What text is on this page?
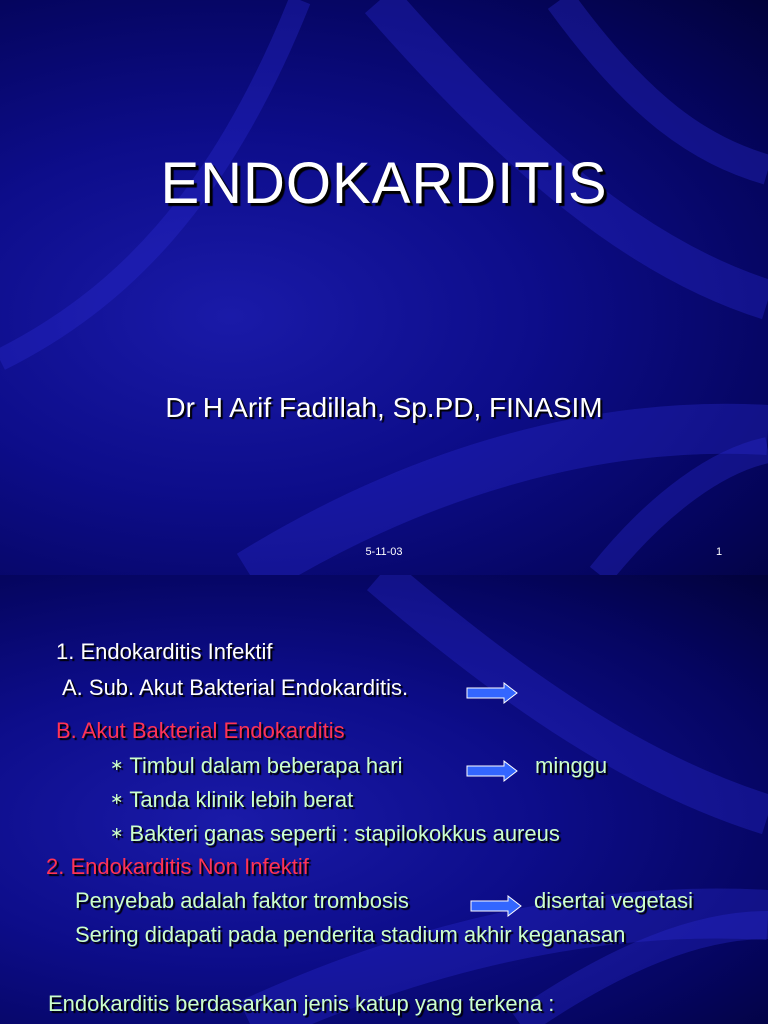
ENDOKARDITIS
Dr H Arif Fadillah, Sp.PD, FINASIM
5-11-03	1
1. Endokarditis Infektif
A. Sub. Akut Bakterial Endokarditis.
B. Akut Bakterial Endokarditis
∗ Timbul dalam beberapa hari	minggu
∗ Tanda klinik lebih berat
∗ Bakteri ganas seperti : stapilokokkus aureus
2. Endokarditis Non Infektif
Penyebab adalah faktor trombosis	disertai vegetasi
Sering didapati pada penderita stadium akhir keganasan
Endokarditis berdasarkan jenis katup yang terkena :
